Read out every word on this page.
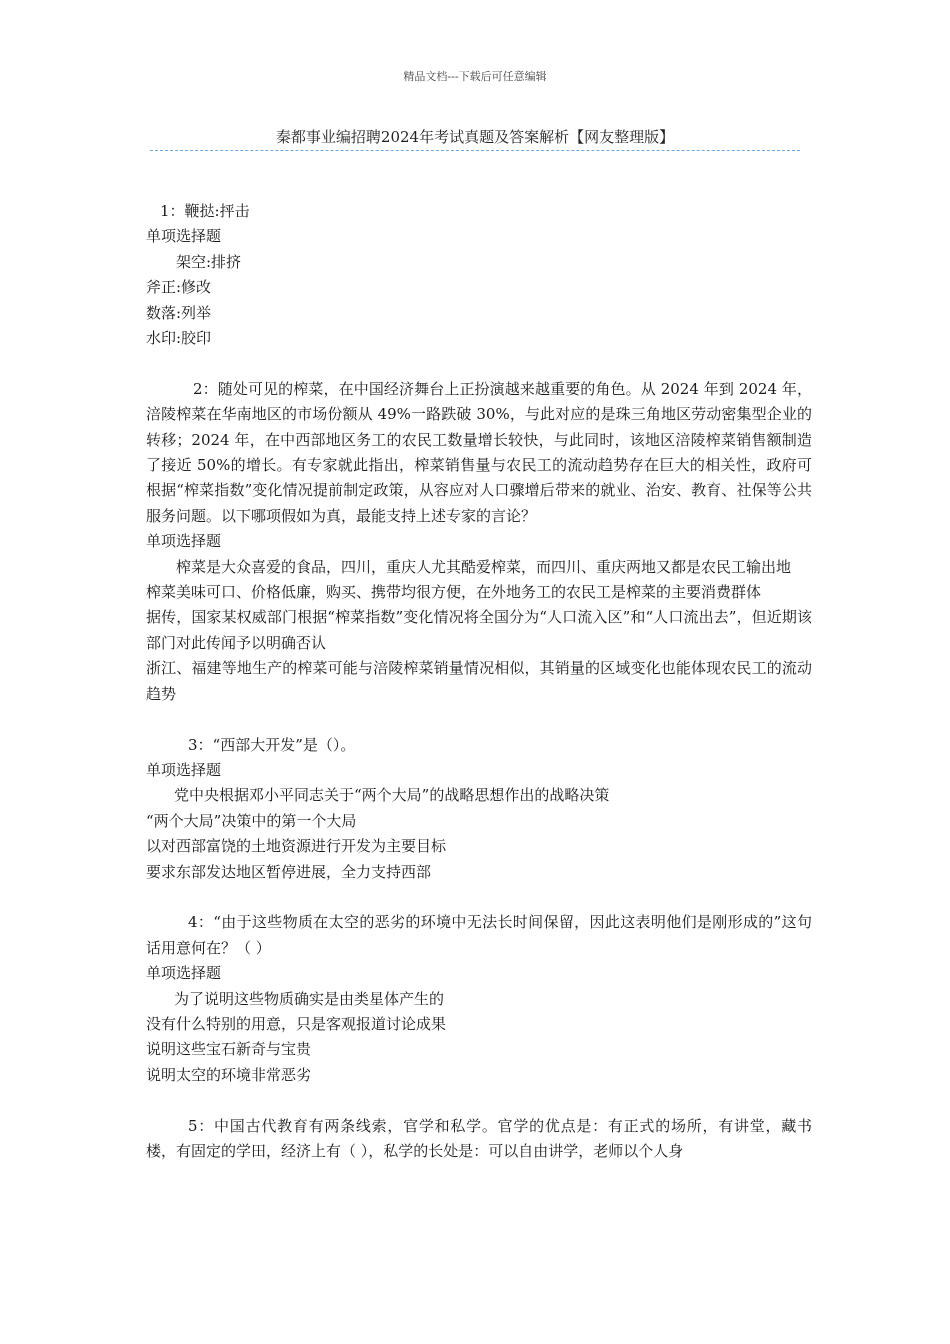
精品文档---下载后可任意编辑
秦都事业编招聘2024年考试真题及答案解析【网友整理版】
1：鞭挞:抨击
单项选择题
架空:排挤
斧正:修改
数落:列举
水印:胶印
2：随处可见的榨菜，在中国经济舞台上正扮演越来越重要的角色。从 2024 年到 2024 年，涪陵榨菜在华南地区的市场份额从 49%一路跌破 30%，与此对应的是珠三角地区劳动密集型企业的转移；2024 年，在中西部地区务工的农民工数量增长较快，与此同时，该地区涪陵榨菜销售额制造了接近 50%的增长。有专家就此指出，榨菜销售量与农民工的流动趋势存在巨大的相关性，政府可根据“榨菜指数”变化情况提前制定政策，从容应对人口骤增后带来的就业、治安、教育、社保等公共服务问题。以下哪项假如为真，最能支持上述专家的言论？
单项选择题
榨菜是大众喜爱的食品，四川，重庆人尤其酷爱榨菜，而四川、重庆两地又都是农民工输出地
榨菜美味可口、价格低廉，购买、携带均很方便，在外地务工的农民工是榨菜的主要消费群体
据传，国家某权威部门根据“榨菜指数”变化情况将全国分为“人口流入区”和“人口流出去”，但近期该部门对此传闻予以明确否认
浙江、福建等地生产的榨菜可能与涪陵榨菜销量情况相似，其销量的区域变化也能体现农民工的流动趋势
3：“西部大开发”是（）。
单项选择题
党中央根据邓小平同志关于“两个大局”的战略思想作出的战略决策
“两个大局”决策中的第一个大局
以对西部富饶的土地资源进行开发为主要目标
要求东部发达地区暂停进展，全力支持西部
4：“由于这些物质在太空的恶劣的环境中无法长时间保留，因此这表明他们是刚形成的”这句话用意何在？（ ）
单项选择题
为了说明这些物质确实是由类星体产生的
没有什么特别的用意，只是客观报道讨论成果
说明这些宝石新奇与宝贵
说明太空的环境非常恶劣
5：中国古代教育有两条线索，官学和私学。官学的优点是：有正式的场所，有讲堂，藏书楼，有固定的学田，经济上有（ ），私学的长处是：可以自由讲学，老师以个人身
